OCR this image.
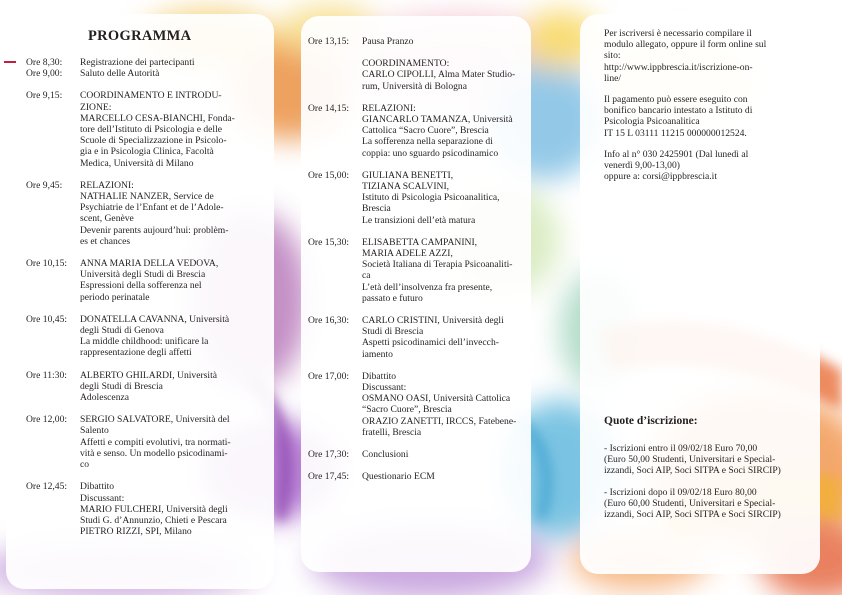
PROGRAMMA
Ore 8,30:
Ore 9,00:
Registrazione dei partecipanti
Saluto delle Autorità
Ore 9,15: COORDINAMENTO E INTRODU-
ZIONE:
MARCELLO CESA-BIANCHI, Fonda-
tore dell’Istituto di Psicologia e delle
Scuole di Specializzazione in Psicolo-
gia e in Psicologia Clinica, Facoltà
Medica, Università di Milano
Ore 9,45: RELAZIONI:
NATHALIE NANZER, Service de
Psychiatrie de l’Enfant et de l’Adole-
scent, Genève
Devenir parents aujourd’hui: problèm-
es et chances
Ore 10,15: ANNA MARIA DELLA VEDOVA,
Università degli Studi di Brescia
Espressioni della sofferenza nel
periodo perinatale
Ore 10,45: DONATELLA CAVANNA, Università
degli Studi di Genova
La middle childhood: unificare la
rappresentazione degli affetti
Ore 11:30: ALBERTO GHILARDI, Università
degli Studi di Brescia
Adolescenza
Ore 12,00: SERGIO SALVATORE, Università del
Salento
Affetti e compiti evolutivi, tra normati-
vità e senso. Un modello psicodinami-
co
Ore 12,45: Dibattito
Discussant:
MARIO FULCHERI, Università degli
Studi G. d’Annunzio, Chieti e Pescara
PIETRO RIZZI, SPI, Milano
Ore 13,15: Pausa Pranzo
COORDINAMENTO:
CARLO CIPOLLI, Alma Mater Studio-
rum, Università di Bologna
Ore 14,15: RELAZIONI:
GIANCARLO TAMANZA, Università
Cattolica “Sacro Cuore”, Brescia
La sofferenza nella separazione di
coppia: uno sguardo psicodinamico
Ore 15,00: GIULIANA BENETTI,
TIZIANA SCALVINI,
Istituto di Psicologia Psicoanalitica,
Brescia
Le transizioni dell’età matura
Ore 15,30: ELISABETTA CAMPANINI,
MARIA ADELE AZZI,
Società Italiana di Terapia Psicoanaliti-
ca
L’età dell’insolvenza fra presente,
passato e futuro
Ore 16,30: CARLO CRISTINI, Università degli
Studi di Brescia
Aspetti psicodinamici dell’invecch-
iamento
Ore 17,00: Dibattito
Discussant:
OSMANO OASI, Università Cattolica
“Sacro Cuore”, Brescia
ORAZIO ZANETTI, IRCCS, Fatebene-
fratelli, Brescia
Ore 17,30: Conclusioni
Ore 17,45: Questionario ECM

Per iscriversi è necessario compilare il
modulo allegato, oppure il form online sul
sito:
http://www.ippbrescia.it/iscrizione-on-
line/

Il pagamento può essere eseguito con
bonifico bancario intestato a Istituto di
Psicologia Psicoanalitica
IT 15 L 03111 11215 000000012524.

Info al n° 030 2425901 (Dal lunedì al
venerdì 9,00-13,00)
oppure a: corsi@ippbrescia.it

Quote d’iscrizione:

- Iscrizioni entro il 09/02/18 Euro 70,00
(Euro 50,00 Studenti, Universitari e Special-
izzandi, Soci AIP, Soci SITPA e Soci SIRCIP)

- Iscrizioni dopo il 09/02/18 Euro 80,00
(Euro 60,00 Studenti, Universitari e Special-
izzandi, Soci AIP, Soci SITPA e Soci SIRCIP)
